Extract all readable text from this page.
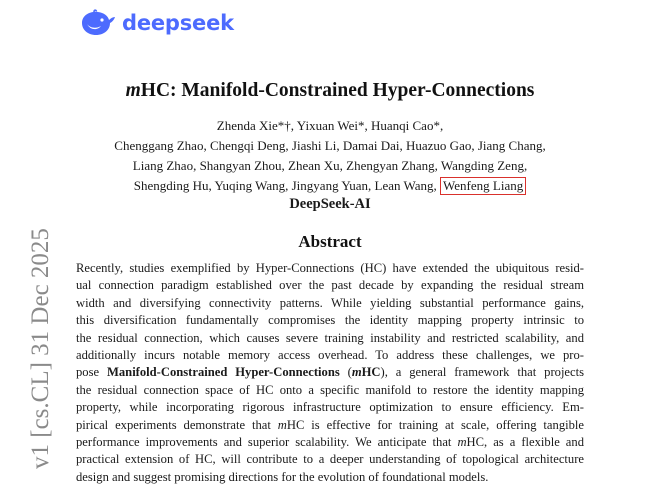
deepseek
v1 [cs.CL] 31 Dec 2025
mHC: Manifold-Constrained Hyper-Connections
Zhenda Xie*†, Yixuan Wei*, Huanqi Cao*,
Chenggang Zhao, Chengqi Deng, Jiashi Li, Damai Dai, Huazuo Gao, Jiang Chang,
Liang Zhao, Shangyan Zhou, Zhean Xu, Zhengyan Zhang, Wangding Zeng,
Shengding Hu, Yuqing Wang, Jingyang Yuan, Lean Wang, Wenfeng Liang
DeepSeek-AI
Abstract
Recently, studies exemplified by Hyper-Connections (HC) have extended the ubiquitous resid-
ual connection paradigm established over the past decade by expanding the residual stream
width and diversifying connectivity patterns. While yielding substantial performance gains,
this diversification fundamentally compromises the identity mapping property intrinsic to
the residual connection, which causes severe training instability and restricted scalability, and
additionally incurs notable memory access overhead. To address these challenges, we pro-
pose Manifold-Constrained Hyper-Connections (mHC), a general framework that projects
the residual connection space of HC onto a specific manifold to restore the identity mapping
property, while incorporating rigorous infrastructure optimization to ensure efficiency. Em-
pirical experiments demonstrate that mHC is effective for training at scale, offering tangible
performance improvements and superior scalability. We anticipate that mHC, as a flexible and
practical extension of HC, will contribute to a deeper understanding of topological architecture
design and suggest promising directions for the evolution of foundational models.
